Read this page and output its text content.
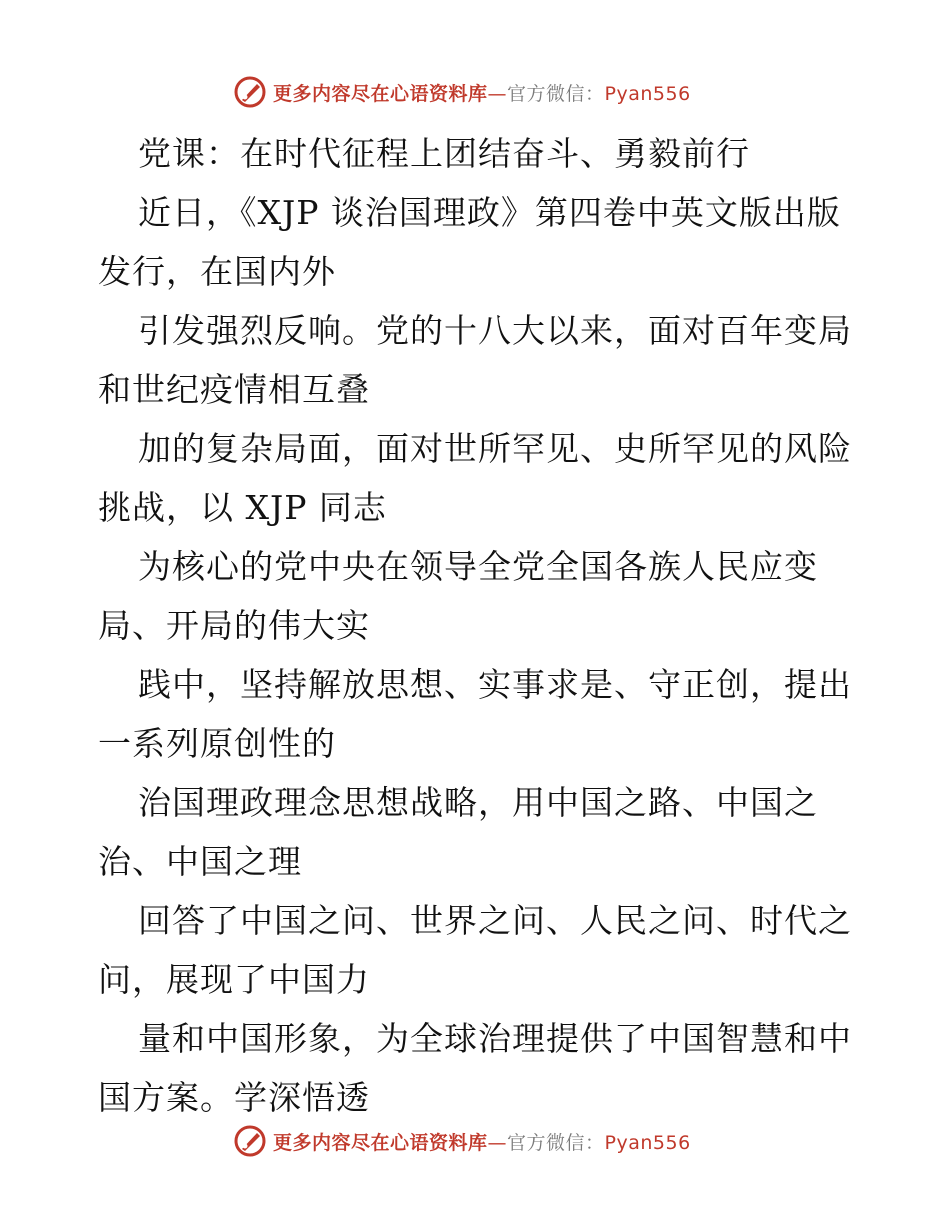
更多内容尽在心语资料库—官方微信：Pyan556
党课：在时代征程上团结奋斗、勇毅前行
近日，《XJP 谈治国理政》第四卷中英文版出版
发行，在国内外
引发强烈反响。党的十八大以来，面对百年变局
和世纪疫情相互叠
加的复杂局面，面对世所罕见、史所罕见的风险
挑战，以 XJP 同志
为核心的党中央在领导全党全国各族人民应变
局、开局的伟大实
践中，坚持解放思想、实事求是、守正创，提出
一系列原创性的
治国理政理念思想战略，用中国之路、中国之
治、中国之理
回答了中国之问、世界之问、人民之问、时代之
问，展现了中国力
量和中国形象，为全球治理提供了中国智慧和中
国方案。学深悟透
更多内容尽在心语资料库—官方微信：Pyan556
